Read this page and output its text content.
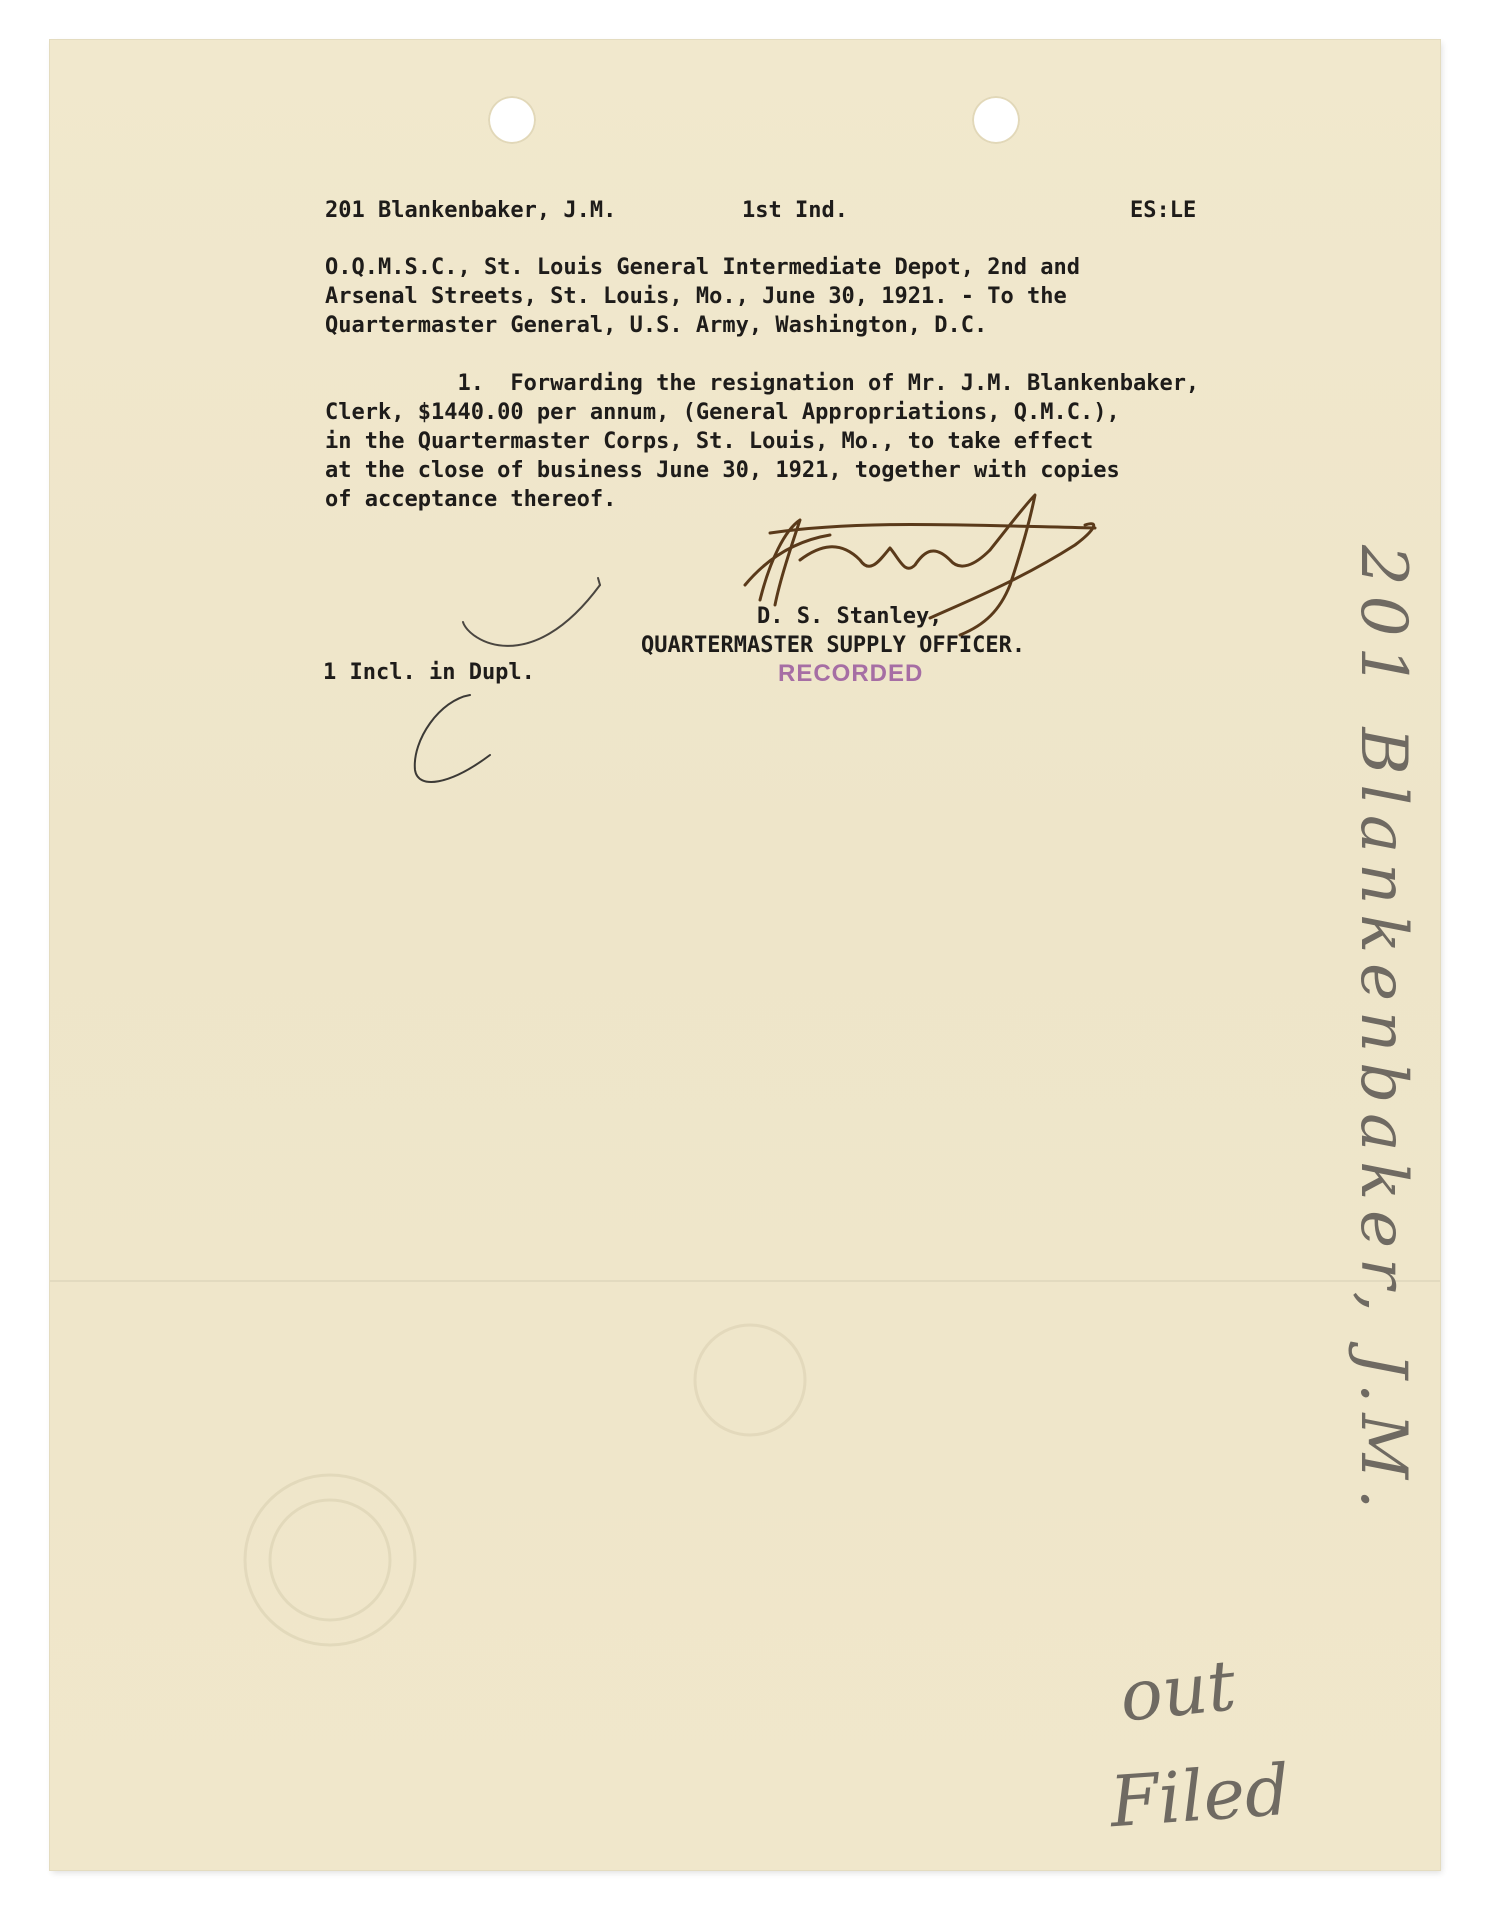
201 Blankenbaker, J.M.	1st Ind.	ES:LE
O.Q.M.S.C., St. Louis General Intermediate Depot, 2nd and
Arsenal Streets, St. Louis, Mo., June 30, 1921. - To the
Quartermaster General, U.S. Army, Washington, D.C.
1.  Forwarding the resignation of Mr. J.M. Blankenbaker,
Clerk, $1440.00 per annum, (General Appropriations, Q.M.C.),
in the Quartermaster Corps, St. Louis, Mo., to take effect
at the close of business June 30, 1921, together with copies
of acceptance thereof.
D. S. Stanley,
QUARTERMASTER SUPPLY OFFICER.
1 Incl. in Dupl.	RECORDED	201 Blankenbaker, J.M.
out
Filed
